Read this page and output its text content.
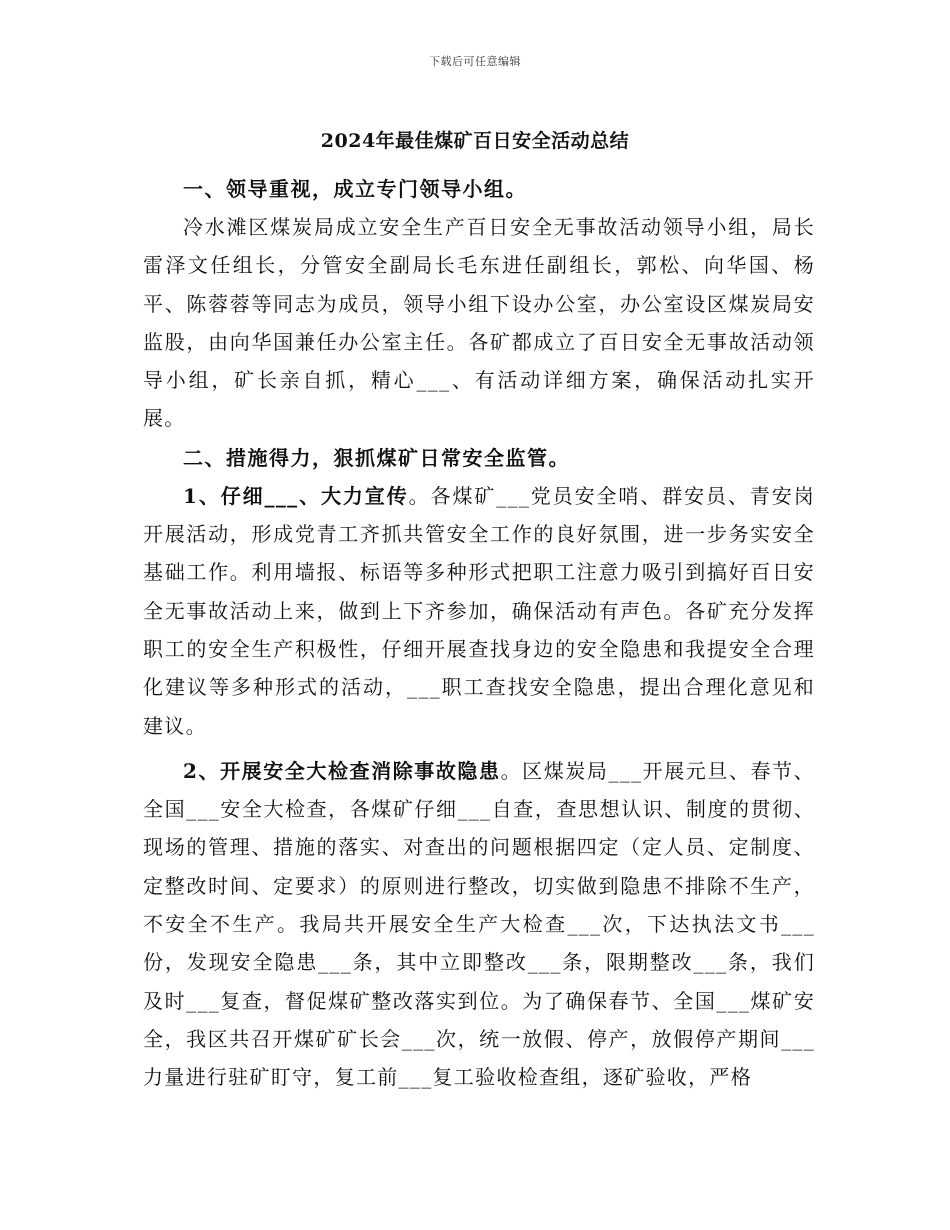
下载后可任意编辑
2024年最佳煤矿百日安全活动总结

一、领导重视，成立专门领导小组。

冷水滩区煤炭局成立安全生产百日安全无事故活动领导小组，局长雷泽文任组长，分管安全副局长毛东进任副组长，郭松、向华国、杨平、陈蓉蓉等同志为成员，领导小组下设办公室，办公室设区煤炭局安监股，由向华国兼任办公室主任。各矿都成立了百日安全无事故活动领导小组，矿长亲自抓，精心___、有活动详细方案，确保活动扎实开展。

二、措施得力，狠抓煤矿日常安全监管。

1、仔细___、大力宣传。各煤矿___党员安全哨、群安员、青安岗开展活动，形成党青工齐抓共管安全工作的良好氛围，进一步务实安全基础工作。利用墙报、标语等多种形式把职工注意力吸引到搞好百日安全无事故活动上来，做到上下齐参加，确保活动有声色。各矿充分发挥职工的安全生产积极性，仔细开展查找身边的安全隐患和我提安全合理化建议等多种形式的活动，___职工查找安全隐患，提出合理化意见和建议。

2、开展安全大检查消除事故隐患。区煤炭局___开展元旦、春节、全国___安全大检查，各煤矿仔细___自查，查思想认识、制度的贯彻、现场的管理、措施的落实、对查出的问题根据四定（定人员、定制度、定整改时间、定要求）的原则进行整改，切实做到隐患不排除不生产，不安全不生产。我局共开展安全生产大检查___次，下达执法文书___份，发现安全隐患___条，其中立即整改___条，限期整改___条，我们及时___复查，督促煤矿整改落实到位。为了确保春节、全国___煤矿安全，我区共召开煤矿矿长会___次，统一放假、停产，放假停产期间___力量进行驻矿盯守，复工前___复工验收检查组，逐矿验收，严格
